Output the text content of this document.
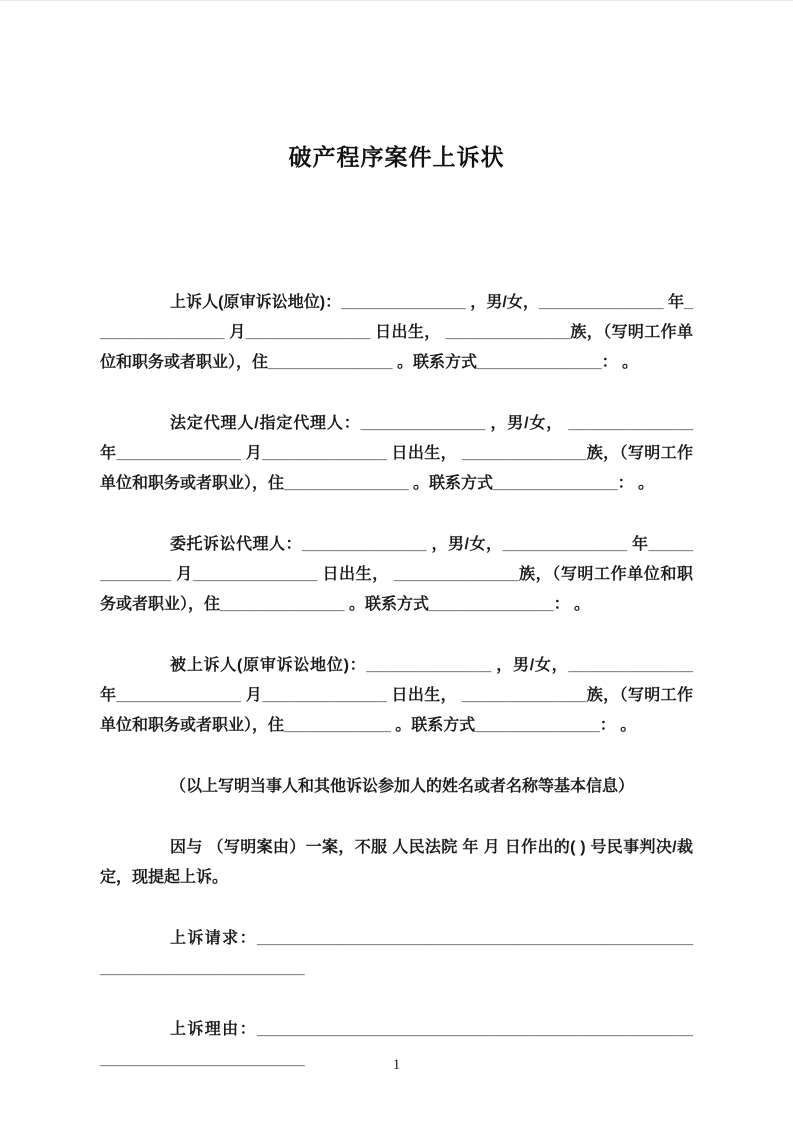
破产程序案件上诉状

上诉人(原审诉讼地位)：______________ ，男/女，______________ 年_______________ 月______________ 日出生， ______________族，（写明工作单位和职务或者职业），住______________ 。联系方式______________： 。

法定代理人/指定代理人：______________ ，男/女， ______________ 年______________ 月______________ 日出生， ______________族，（写明工作单位和职务或者职业），住______________ 。联系方式______________： 。

委托诉讼代理人：______________ ，男/女，______________ 年_____________ 月______________ 日出生， ______________族，（写明工作单位和职务或者职业），住______________ 。联系方式______________： 。

被上诉人(原审诉讼地位)：______________ ，男/女，______________ 年______________ 月______________ 日出生， ______________族，（写明工作单位和职务或者职业），住____________ 。联系方式______________： 。

（以上写明当事人和其他诉讼参加人的姓名或者名称等基本信息）

因与 （写明案由）一案，不服 人民法院 年 月 日作出的( ) 号民事判决/裁定，现提起上诉。

上诉请求：________________________________________________________________________

上诉理由：________________________________________________________________________	1
